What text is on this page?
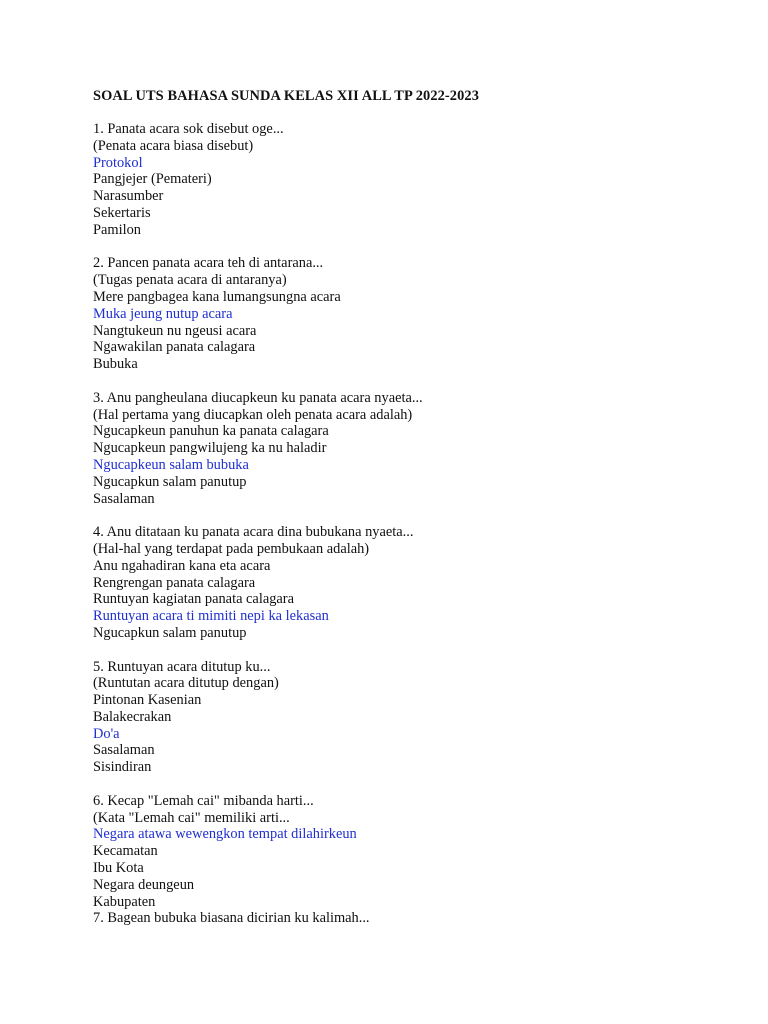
SOAL UTS BAHASA SUNDA KELAS XII ALL TP 2022-2023
1. Panata acara sok disebut oge...
(Penata acara biasa disebut)
Protokol
Pangjejer (Pemateri)
Narasumber
Sekertaris
Pamilon
2. Pancen panata acara teh di antarana...
(Tugas penata acara di antaranya)
Mere pangbagea kana lumangsungna acara
Muka jeung nutup acara
Nangtukeun nu ngeusi acara
Ngawakilan panata calagara
Bubuka
3. Anu pangheulana diucapkeun ku panata acara nyaeta...
(Hal pertama yang diucapkan oleh penata acara adalah)
Ngucapkeun panuhun ka panata calagara
Ngucapkeun pangwilujeng ka nu haladir
Ngucapkeun salam bubuka
Ngucapkun salam panutup
Sasalaman
4. Anu ditataan ku panata acara dina bubukana nyaeta...
(Hal-hal yang terdapat pada pembukaan adalah)
Anu ngahadiran kana eta acara
Rengrengan panata calagara
Runtuyan kagiatan panata calagara
Runtuyan acara ti mimiti nepi ka lekasan
Ngucapkun salam panutup
5. Runtuyan acara ditutup ku...
(Runtutan acara ditutup dengan)
Pintonan Kasenian
Balakecrakan
Do'a
Sasalaman
Sisindiran
6. Kecap "Lemah cai" mibanda harti...
(Kata "Lemah cai" memiliki arti...
Negara atawa wewengkon tempat dilahirkeun
Kecamatan
Ibu Kota
Negara deungeun
Kabupaten
7. Bagean bubuka biasana dicirian ku kalimah...
